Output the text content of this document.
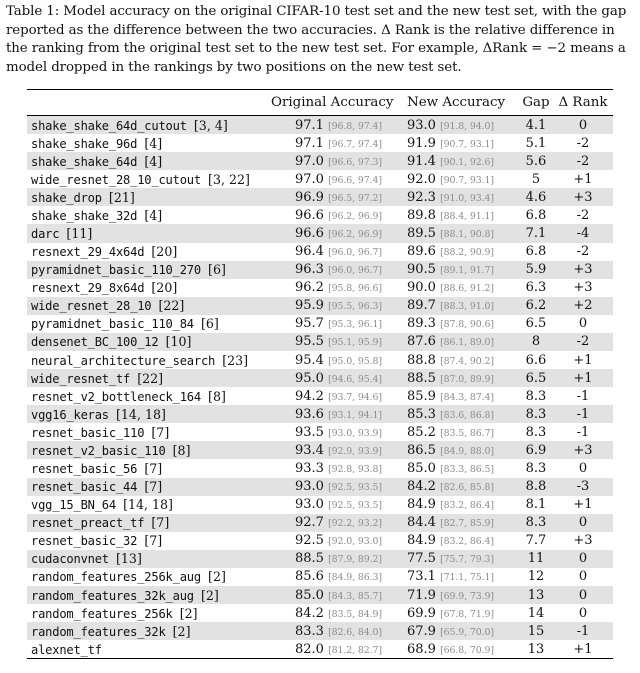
Table 1: Model accuracy on the original CIFAR-10 test set and the new test set, with the gap reported as the difference between the two accuracies. Δ Rank is the relative difference in the ranking from the original test set to the new test set. For example, ΔRank = −2 means a model dropped in the rankings by two positions on the new test set.
	Original Accuracy	New Accuracy	Gap	Δ Rank
shake_shake_64d_cutout [3, 4]	97.1 [96.8, 97.4]	93.0 [91.8, 94.0]	4.1	0
shake_shake_96d [4]	97.1 [96.7, 97.4]	91.9 [90.7, 93.1]	5.1	-2
shake_shake_64d [4]	97.0 [96.6, 97.3]	91.4 [90.1, 92.6]	5.6	-2
wide_resnet_28_10_cutout [3, 22]	97.0 [96.6, 97.4]	92.0 [90.7, 93.1]	5	+1
shake_drop [21]	96.9 [96.5, 97.2]	92.3 [91.0, 93.4]	4.6	+3
shake_shake_32d [4]	96.6 [96.2, 96.9]	89.8 [88.4, 91.1]	6.8	-2
darc [11]	96.6 [96.2, 96.9]	89.5 [88.1, 90.8]	7.1	-4
resnext_29_4x64d [20]	96.4 [96.0, 96.7]	89.6 [88.2, 90.9]	6.8	-2
pyramidnet_basic_110_270 [6]	96.3 [96.0, 96.7]	90.5 [89.1, 91.7]	5.9	+3
resnext_29_8x64d [20]	96.2 [95.8, 96.6]	90.0 [88.6, 91.2]	6.3	+3
wide_resnet_28_10 [22]	95.9 [95.5, 96.3]	89.7 [88.3, 91.0]	6.2	+2
pyramidnet_basic_110_84 [6]	95.7 [95.3, 96.1]	89.3 [87.8, 90.6]	6.5	0
densenet_BC_100_12 [10]	95.5 [95.1, 95.9]	87.6 [86.1, 89.0]	8	-2
neural_architecture_search [23]	95.4 [95.0, 95.8]	88.8 [87.4, 90.2]	6.6	+1
wide_resnet_tf [22]	95.0 [94.6, 95.4]	88.5 [87.0, 89.9]	6.5	+1
resnet_v2_bottleneck_164 [8]	94.2 [93.7, 94.6]	85.9 [84.3, 87.4]	8.3	-1
vgg16_keras [14, 18]	93.6 [93.1, 94.1]	85.3 [83.6, 86.8]	8.3	-1
resnet_basic_110 [7]	93.5 [93.0, 93.9]	85.2 [83.5, 86.7]	8.3	-1
resnet_v2_basic_110 [8]	93.4 [92.9, 93.9]	86.5 [84.9, 88.0]	6.9	+3
resnet_basic_56 [7]	93.3 [92.8, 93.8]	85.0 [83.3, 86.5]	8.3	0
resnet_basic_44 [7]	93.0 [92.5, 93.5]	84.2 [82.6, 85.8]	8.8	-3
vgg_15_BN_64 [14, 18]	93.0 [92.5, 93.5]	84.9 [83.2, 86.4]	8.1	+1
resnet_preact_tf [7]	92.7 [92.2, 93.2]	84.4 [82.7, 85.9]	8.3	0
resnet_basic_32 [7]	92.5 [92.0, 93.0]	84.9 [83.2, 86.4]	7.7	+3
cudaconvnet [13]	88.5 [87.9, 89.2]	77.5 [75.7, 79.3]	11	0
random_features_256k_aug [2]	85.6 [84.9, 86.3]	73.1 [71.1, 75.1]	12	0
random_features_32k_aug [2]	85.0 [84.3, 85.7]	71.9 [69.9, 73.9]	13	0
random_features_256k [2]	84.2 [83.5, 84.9]	69.9 [67.8, 71.9]	14	0
random_features_32k [2]	83.3 [82.6, 84.0]	67.9 [65.9, 70.0]	15	-1
alexnet_tf	82.0 [81.2, 82.7]	68.9 [66.8, 70.9]	13	+1
